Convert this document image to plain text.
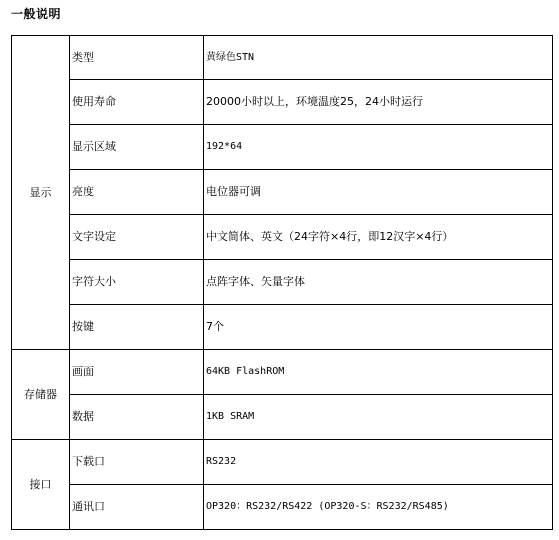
一般说明
显示	类型	黄绿色STN
	使用寿命	20000小时以上，环境温度25，24小时运行
	显示区域	192*64
	亮度	电位器可调
	文字设定	中文简体、英文（24字符×4行，即12汉字×4行）
	字符大小	点阵字体、矢量字体
	按键	7个
存储器	画面	64KB FlashROM
	数据	1KB SRAM
接口	下载口	RS232
	通讯口	OP320：RS232/RS422 (OP320-S：RS232/RS485)
